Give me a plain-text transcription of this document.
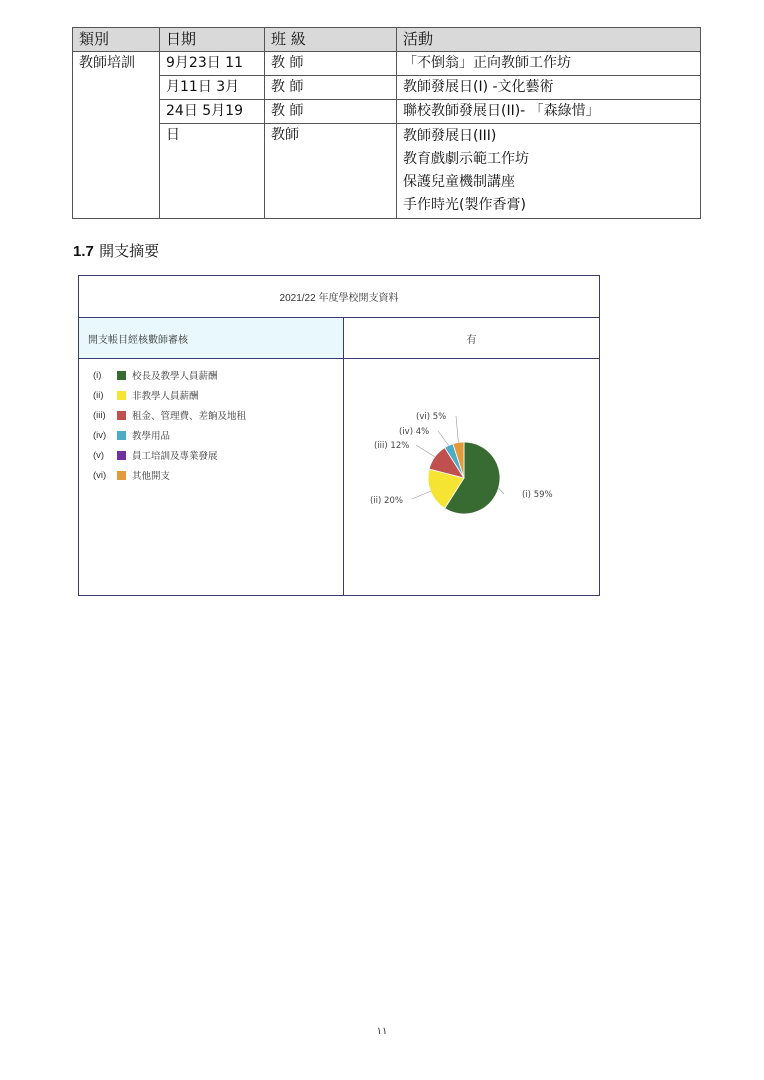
類別	日期	班 級	活動
教師培訓	9月23日 11	教 師	「不倒翁」正向教師工作坊
	月11日 3月	教 師	教師發展日(I) -文化藝術
	24日 5月19	教 師	聯校教師發展日(II)- 「森綠惜」
	日	教師	教師發展日(III)
教育戲劇示範工作坊
保護兒童機制講座
手作時光(製作香膏)
1.7 開支摘要
2021/22 年度學校開支資料
開支帳目經核數師審核	有
(i)	校長及教學人員薪酬
(ii)	非教學人員薪酬
(iii)	租金、管理費、差餉及地租
(iv)	教學用品
(v)	員工培訓及專業發展
(vi)	其他開支
(i) 59%
(ii) 20%
(iii) 12%
(iv) 4%
(vi) 5%
١١
